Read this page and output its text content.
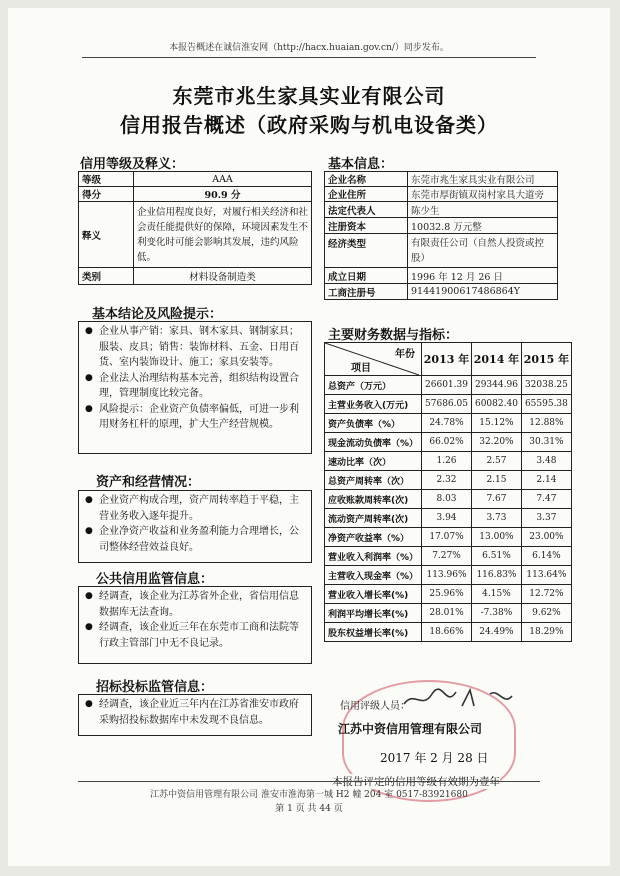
本报告概述在诚信淮安网（http://hacx.huaian.gov.cn/）同步发布。
东莞市兆生家具实业有限公司
信用报告概述（政府采购与机电设备类）
信用等级及释义：
等级	AAA
得分	90.9 分
释义	企业信用程度良好，对履行相关经济和社会责任能提供好的保障，环境因素发生不利变化时可能会影响其发展，违约风险低。
类别	材料设备制造类
基本信息：
企业名称	东莞市兆生家具实业有限公司
企业住所	东莞市厚街镇双岗村家具大道旁
法定代表人	陈少生
注册资本	10032.8 万元整
经济类型	有限责任公司（自然人投资或控股）
成立日期	1996 年 12 月 26 日
工商注册号	914419006174868​64Y
基本结论及风险提示：

● 企业从事产销：家具、钢木家具、钢制家具；服装、皮具；销售：装饰材料、五金、日用百货、室内装饰设计、施工；家具安装等。

● 企业法人治理结构基本完善，组织结构设置合理，管理制度比较完备。

● 风险提示：企业资产负债率偏低，可进一步利用财务杠杆的原理，扩大生产经营规模。

资产和经营情况：

● 企业资产构成合理，资产周转率趋于平稳，主营业务收入逐年提升。

● 企业净资产收益和业务盈利能力合理增长，公司整体经营效益良好。

公共信用监管信息：

● 经调查，该企业为江苏省外企业，省信用信息数据库无法查询。

● 经调查，该企业近三年在东莞市工商和法院等行政主管部门中无不良记录。

招标投标监管信息：

● 经调查，该企业近三年内在江苏省淮安市政府采购招投标数据库中未发现不良信息。

主要财务数据与指标：
年份
项目	2013 年	2014 年	2015 年
总资产（万元）	26601.39	29344.96	32038.25
主营业务收入(万元)	57686.05	60082.40	65595.38
资产负债率（%）	24.78%	15.12%	12.88%
现金流动负债率（%）	66.02%	32.20%	30.31%
速动比率（次）	1.26	2.57	3.48
总资产周转率（次）	2.32	2.15	2.14
应收账款周转率(次)	8.03	7.67	7.47
流动资产周转率(次)	3.94	3.73	3.37
净资产收益率（%）	17.07%	13.00%	23.00%
营业收入利润率（%）	7.27%	6.51%	6.14%
主营收入现金率（%）	113.96%	116.83%	113.64%
营业收入增长率(%)	25.96%	4.15%	12.72%
利润平均增长率(%)	28.01%	-7.38%	9.62%
股东权益增长率(%)	18.66%	24.49%	18.29%
信用评级人员：
江苏中资信用管理有限公司
2017 年 2 月 28 日
本报告评定的信用等级有效期为壹年
江苏中资信用管理有限公司 淮安市淮海第一城 H2 幢 204 室 0517-83921680
第 1 页 共 44 页
